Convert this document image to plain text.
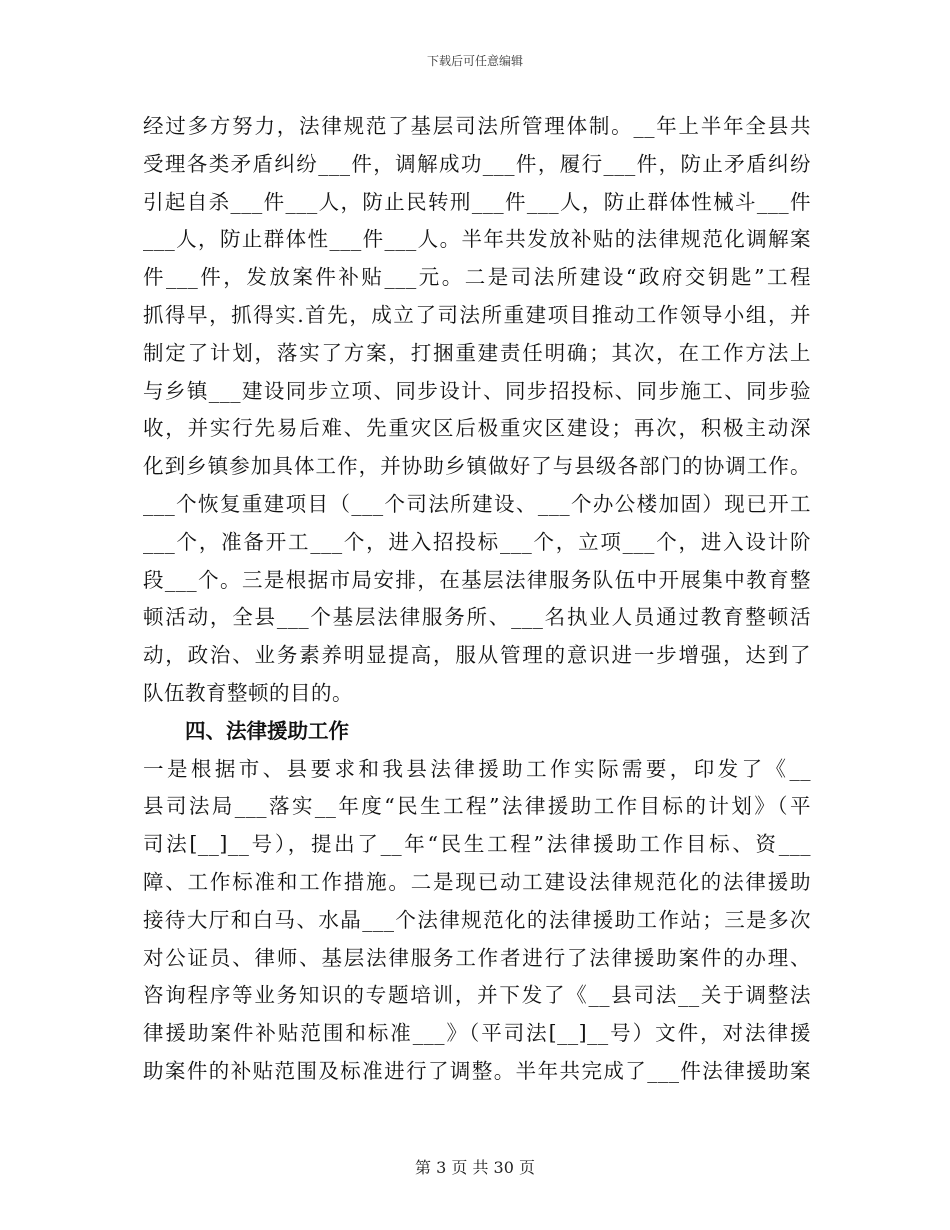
下载后可任意编辑
经过多方努力，法律规范了基层司法所管理体制。__年上半年全县共
受理各类矛盾纠纷___件，调解成功___件，履行___件，防止矛盾纠纷
引起自杀___件___人，防止民转刑___件___人，防止群体性械斗___件
___人，防止群体性___件___人。半年共发放补贴的法律规范化调解案
件___件，发放案件补贴___元。二是司法所建设“政府交钥匙”工程
抓得早，抓得实.首先，成立了司法所重建项目推动工作领导小组，并
制定了计划，落实了方案，打捆重建责任明确；其次，在工作方法上
与乡镇___建设同步立项、同步设计、同步招投标、同步施工、同步验
收，并实行先易后难、先重灾区后极重灾区建设；再次，积极主动深
化到乡镇参加具体工作，并协助乡镇做好了与县级各部门的协调工作。
___个恢复重建项目（___个司法所建设、___个办公楼加固）现已开工
___个，准备开工___个，进入招投标___个，立项___个，进入设计阶
段___个。三是根据市局安排，在基层法律服务队伍中开展集中教育整
顿活动，全县___个基层法律服务所、___名执业人员通过教育整顿活
动，政治、业务素养明显提高，服从管理的意识进一步增强，达到了
队伍教育整顿的目的。
四、法律援助工作
一是根据市、县要求和我县法律援助工作实际需要，印发了《__
县司法局___落实__年度“民生工程”法律援助工作目标的计划》（平
司法[__]__号），提出了__年“民生工程”法律援助工作目标、资___
障、工作标准和工作措施。二是现已动工建设法律规范化的法律援助
接待大厅和白马、水晶___个法律规范化的法律援助工作站；三是多次
对公证员、律师、基层法律服务工作者进行了法律援助案件的办理、
咨询程序等业务知识的专题培训，并下发了《__县司法__关于调整法
律援助案件补贴范围和标准___》（平司法[__]__号）文件，对法律援
助案件的补贴范围及标准进行了调整。半年共完成了___件法律援助案
第 3 页 共 30 页
